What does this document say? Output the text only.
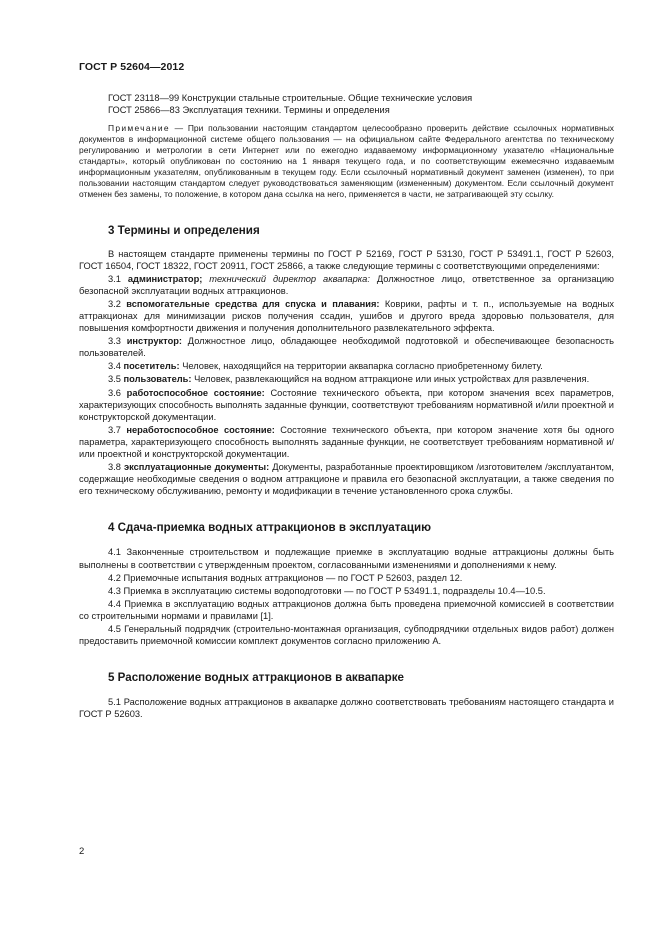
ГОСТ Р 52604—2012

ГОСТ 23118—99 Конструкции стальные строительные. Общие технические условия

ГОСТ 25866—83 Эксплуатация техники. Термины и определения

Примечание — При пользовании настоящим стандартом целесообразно проверить действие ссылочных нормативных документов в информационной системе общего пользования — на официальном сайте Федерального агентства по техническому регулированию и метрологии в сети Интернет или по ежегодно издаваемому информационному указателю «Национальные стандарты», который опубликован по состоянию на 1 января текущего года, и по соответствующим ежемесячно издаваемым информационным указателям, опубликованным в текущем году. Если ссылочный нормативный документ заменен (изменен), то при пользовании настоящим стандартом следует руководствоваться заменяющим (измененным) документом. Если ссылочный документ отменен без замены, то положение, в котором дана ссылка на него, применяется в части, не затрагивающей эту ссылку.

3 Термины и определения

В настоящем стандарте применены термины по ГОСТ Р 52169, ГОСТ Р 53130, ГОСТ Р 53491.1, ГОСТ Р 52603, ГОСТ 16504, ГОСТ 18322, ГОСТ 20911, ГОСТ 25866, а также следующие термины с соответствующими определениями:

3.1 администратор; технический директор аквапарка: Должностное лицо, ответственное за организацию безопасной эксплуатации водных аттракционов.

3.2 вспомогательные средства для спуска и плавания: Коврики, рафты и т. п., используемые на водных аттракционах для минимизации рисков получения ссадин, ушибов и другого вреда здоровью пользователя, для повышения комфортности движения и получения дополнительного развлекательного эффекта.

3.3 инструктор: Должностное лицо, обладающее необходимой подготовкой и обеспечивающее безопасность пользователей.

3.4 посетитель: Человек, находящийся на территории аквапарка согласно приобретенному билету.

3.5 пользователь: Человек, развлекающийся на водном аттракционе или иных устройствах для развлечения.

3.6 работоспособное состояние: Состояние технического объекта, при котором значения всех параметров, характеризующих способность выполнять заданные функции, соответствуют требованиям нормативной и/или проектной и конструкторской документации.

3.7 неработоспособное состояние: Состояние технического объекта, при котором значение хотя бы одного параметра, характеризующего способность выполнять заданные функции, не соответствует требованиям нормативной и/или проектной и конструкторской документации.

3.8 эксплуатационные документы: Документы, разработанные проектировщиком /изготовителем /эксплуатантом, содержащие необходимые сведения о водном аттракционе и правила его безопасной эксплуатации, а также сведения по его техническому обслуживанию, ремонту и модификации в течение установленного срока службы.

4 Сдача-приемка водных аттракционов в эксплуатацию

4.1 Законченные строительством и подлежащие приемке в эксплуатацию водные аттракционы должны быть выполнены в соответствии с утвержденным проектом, согласованными изменениями и дополнениями к нему.

4.2 Приемочные испытания водных аттракционов — по ГОСТ Р 52603, раздел 12.

4.3 Приемка в эксплуатацию системы водоподготовки — по ГОСТ Р 53491.1, подразделы 10.4—10.5.

4.4 Приемка в эксплуатацию водных аттракционов должна быть проведена приемочной комиссией в соответствии со строительными нормами и правилами [1].

4.5 Генеральный подрядчик (строительно-монтажная организация, субподрядчики отдельных видов работ) должен предоставить приемочной комиссии комплект документов согласно приложению А.

5 Расположение водных аттракционов в аквапарке

5.1 Расположение водных аттракционов в аквапарке должно соответствовать требованиям настоящего стандарта и ГОСТ Р 52603.

2
